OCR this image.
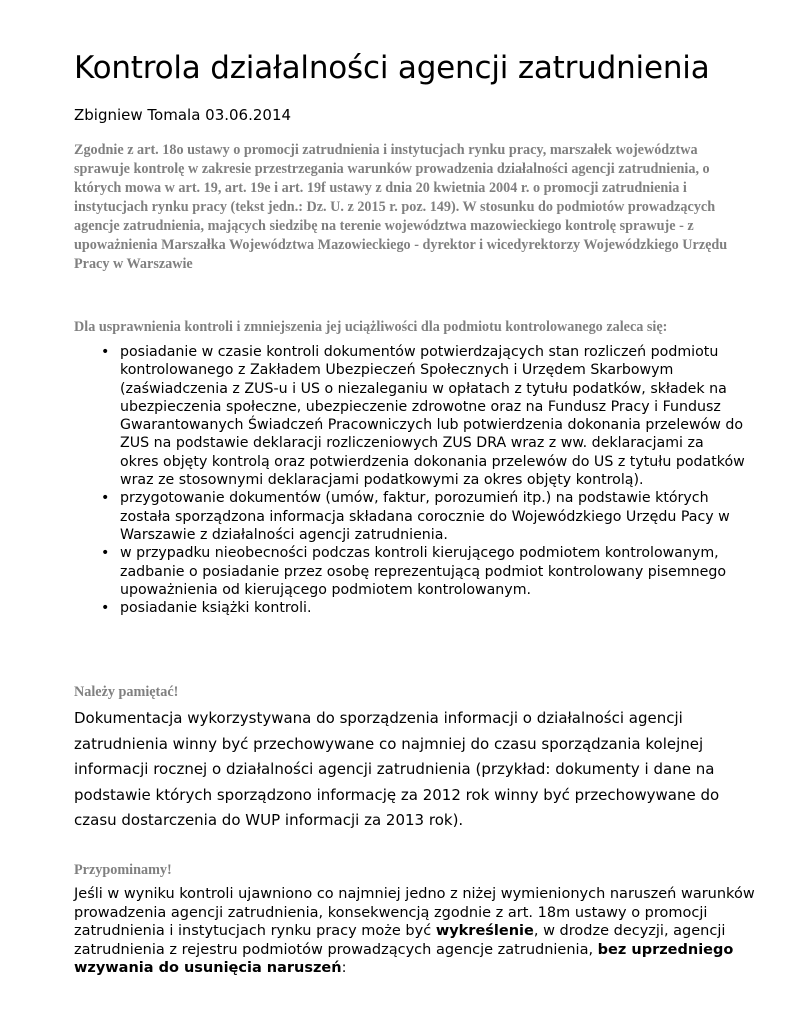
Kontrola działalności agencji zatrudnienia

Zbigniew Tomala 03.06.2014

Zgodnie z art. 18o ustawy o promocji zatrudnienia i instytucjach rynku pracy, marszałek województwa sprawuje kontrolę w zakresie przestrzegania warunków prowadzenia działalności agencji zatrudnienia, o których mowa w art. 19, art. 19e i art. 19f ustawy z dnia 20 kwietnia 2004 r. o promocji zatrudnienia i instytucjach rynku pracy (tekst jedn.: Dz. U. z 2015 r. poz. 149). W stosunku do podmiotów prowadzących agencje zatrudnienia, mających siedzibę na terenie województwa mazowieckiego kontrolę sprawuje - z upoważnienia Marszałka Województwa Mazowieckiego - dyrektor i wicedyrektorzy Wojewódzkiego Urzędu Pracy w Warszawie

Dla usprawnienia kontroli i zmniejszenia jej uciążliwości dla podmiotu kontrolowanego zaleca się:

• posiadanie w czasie kontroli dokumentów potwierdzających stan rozliczeń podmiotu kontrolowanego z Zakładem Ubezpieczeń Społecznych i Urzędem Skarbowym (zaświadczenia z ZUS-u i US o niezaleganiu w opłatach z tytułu podatków, składek na ubezpieczenia społeczne, ubezpieczenie zdrowotne oraz na Fundusz Pracy i Fundusz Gwarantowanych Świadczeń Pracowniczych lub potwierdzenia dokonania przelewów do ZUS na podstawie deklaracji rozliczeniowych ZUS DRA wraz z ww. deklaracjami za okres objęty kontrolą oraz potwierdzenia dokonania przelewów do US z tytułu podatków wraz ze stosownymi deklaracjami podatkowymi za okres objęty kontrolą).
• przygotowanie dokumentów (umów, faktur, porozumień itp.) na podstawie których została sporządzona informacja składana corocznie do Wojewódzkiego Urzędu Pacy w Warszawie z działalności agencji zatrudnienia.
• w przypadku nieobecności podczas kontroli kierującego podmiotem kontrolowanym, zadbanie o posiadanie przez osobę reprezentującą podmiot kontrolowany pisemnego upoważnienia od kierującego podmiotem kontrolowanym.
• posiadanie książki kontroli.

Należy pamiętać!

Dokumentacja wykorzystywana do sporządzenia informacji o działalności agencji zatrudnienia winny być przechowywane co najmniej do czasu sporządzania kolejnej informacji rocznej o działalności agencji zatrudnienia (przykład: dokumenty i dane na podstawie których sporządzono informację za 2012 rok winny być przechowywane do czasu dostarczenia do WUP informacji za 2013 rok).

Przypominamy!

Jeśli w wyniku kontroli ujawniono co najmniej jedno z niżej wymienionych naruszeń warunków prowadzenia agencji zatrudnienia, konsekwencją zgodnie z art. 18m ustawy o promocji zatrudnienia i instytucjach rynku pracy może być wykreślenie, w drodze decyzji, agencji zatrudnienia z rejestru podmiotów prowadzących agencje zatrudnienia, bez uprzedniego wzywania do usunięcia naruszeń:
